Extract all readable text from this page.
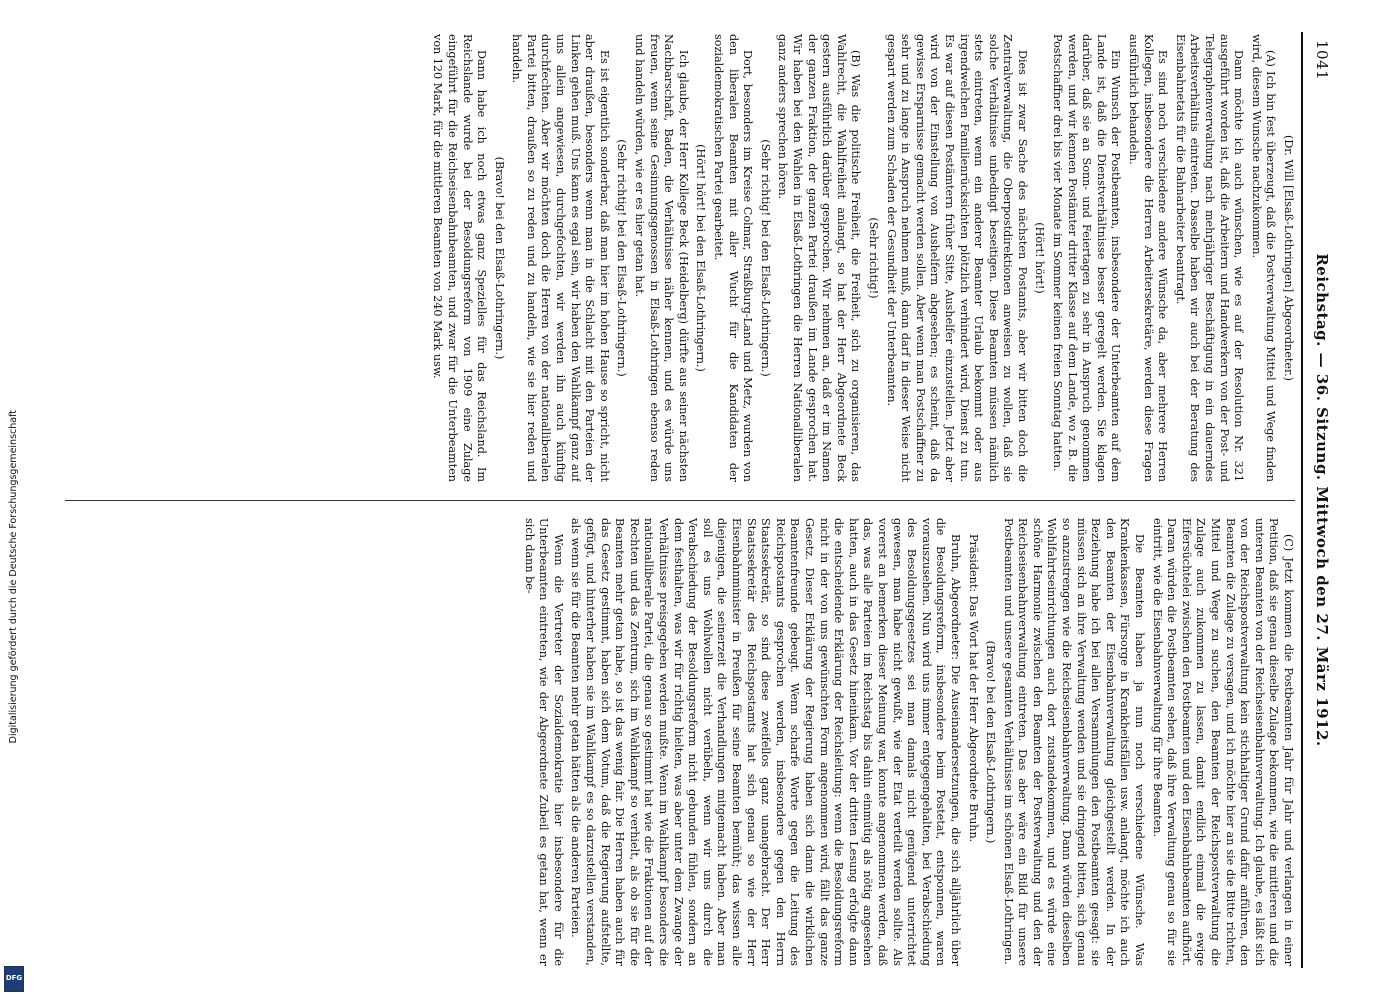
1041
Reichstag. — 36. Sitzung. Mittwoch den 27. März 1912.

(Dr. Will [Elsaß-Lothringen] Abgeordneter.)

(A) Ich bin fest überzeugt, daß die Postverwaltung Mittel und Wege finden wird, diesem Wunsche nachzukommen.

Dann möchte ich auch wünschen, wie es auf der Resolution Nr. 321 ausgeführt worden ist, daß die Arbeitern und Handwerkern von der Post- und Telegraphenverwaltung nach mehrjähriger Beschäftigung in ein dauerndes Arbeitsverhältnis eintreten. Dasselbe haben wir auch bei der Beratung des Eisenbahnetats für die Bahnarbeiter beantragt.

Es sind noch verschiedene andere Wünsche da, aber mehrere Herren Kollegen, insbesondere die Herren Arbeitersekretäre, werden diese Fragen ausführlich behandeln.

Ein Wunsch der Postbeamten, insbesondere der Unterbeamten auf dem Lande ist, daß die Dienstverhältnisse besser geregelt werden. Sie klagen darüber, daß sie an Sonn- und Feiertagen zu sehr in Anspruch genommen werden, und wir kennen Postämter dritter Klasse auf dem Lande, wo z. B. die Postschaffner drei bis vier Monate im Sommer keinen freien Sonntag hatten.

(Hört! hört!)

Dies ist zwar Sache des nächsten Postamts, aber wir bitten doch die Zentralverwaltung, die Oberpostdirektionen anweisen zu wollen, daß sie solche Verhältnisse unbedingt beseitigen. Diese Beamten müssen nämlich stets eintreten, wenn ein anderer Beamter Urlaub bekommt oder aus irgendwelchen Familienrücksichten plötzlich verhindert wird, Dienst zu tun. Es war auf diesen Postämtern früher Sitte, Aushelfer einzustellen. Jetzt aber wird von der Einstellung von Aushelfern abgesehen; es scheint, daß da gewisse Ersparnisse gemacht werden sollen. Aber wenn man Postschaffner zu sehr und zu lange in Anspruch nehmen muß, dann darf in dieser Weise nicht gespart werden zum Schaden der Gesundheit der Unterbeamten.

(Sehr richtig!)

(B) Was die politische Freiheit, die Freiheit, sich zu organisieren, das Wahlrecht, die Wahlfreiheit anlangt, so hat der Herr Abgeordnete Beck gestern ausführlich darüber gesprochen. Wir nehmen an, daß er im Namen der ganzen Fraktion, der ganzen Partei draußen im Lande gesprochen hat. Wir haben bei den Wahlen in Elsaß-Lothringen die Herren Nationalliberalen ganz anders sprechen hören.

(Sehr richtig! bei den Elsaß-Lothringern.)

Dort, besonders im Kreise Colmar, Straßburg-Land und Metz, wurden von den liberalen Beamten mit aller Wucht für die Kandidaten der sozialdemokratischen Partei gearbeitet.

(Hört! hört! bei den Elsaß-Lothringern.)

Ich glaube, der Herr Kollege Beck (Heidelberg) dürfte aus seiner nächsten Nachbarschaft, Baden, die Verhältnisse näher kennen, und es würde uns freuen, wenn seine Gesinnungsgenossen in Elsaß-Lothringen ebenso reden und handeln würden, wie er es hier getan hat.

(Sehr richtig! bei den Elsaß-Lothringern.)

Es ist eigentlich sonderbar, daß man hier im hohen Hause so spricht, nicht aber draußen, besonders wenn man in die Schlacht mit den Parteien der Linken gehen muß. Uns kann es egal sein, wir haben den Wahlkampf ganz auf uns allein angewiesen, durchgefochten, wir werden ihn auch künftig durchfechten. Aber wir möchten doch die Herren von der nationalliberalen Partei bitten, draußen so zu reden und zu handeln, wie sie hier reden und handeln.

(Bravo! bei den Elsaß-Lothringern.)

Dann habe ich noch etwas ganz Spezielles für das Reichsland. Im Reichslande wurde bei der Besoldungsreform von 1909 eine Zulage eingeführt für die Reichseisenbahnbeamten, und zwar für die Unterbeamten von 120 Mark, für die mittleren Beamten von 240 Mark usw.

(C) Jetzt kommen die Postbeamten Jahr für Jahr und verlangen in einer Petition, daß sie genau dieselbe Zulage bekommen, wie die mittleren und die unteren Beamten von der Reichseisenbahnverwaltung. Ich glaube, es läßt sich von der Reichspostverwaltung kein stichhaltiger Grund dafür anführen, den Beamten die Zulage zu versagen, und ich möchte hier an sie die Bitte richten, Mittel und Wege zu suchen, den Beamten der Reichspostverwaltung die Zulage auch zukommen zu lassen, damit endlich einmal die ewige Eifersüchtelei zwischen den Postbeamten und den Eisenbahnbeamten aufhört. Daran würden die Postbeamten sehen, daß ihre Verwaltung genau so für sie eintritt, wie die Eisenbahnverwaltung für ihre Beamten.

Die Beamten haben ja nun noch verschiedene Wünsche. Was Krankenkassen, Fürsorge in Krankheitsfällen usw. anlangt, möchte ich auch den Beamten der Eisenbahnverwaltung gleichgestellt werden. In der Beziehung habe ich bei allen Versammlungen den Postbeamten gesagt: sie müssen sich an ihre Verwaltung wenden und sie dringend bitten, sich genau so anzustrengen wie die Reichseisenbahnverwaltung. Dann würden dieselben Wohlfahrtseinrichtungen auch dort zustandekommen, und es würde eine schöne Harmonie zwischen den Beamten der Postverwaltung und den der Reichseisenbahnverwaltung eintreten. Das aber wäre ein Bild für unsere Postbeamten und unsere gesamten Verhältnisse im schönen Elsaß-Lothringen.

(Bravo! bei den Elsaß-Lothringern.)

Präsident: Das Wort hat der Herr Abgeordnete Bruhn.

Bruhn, Abgeordneter: Die Auseinandersetzungen, die sich alljährlich über die Besoldungsreform, insbesondere beim Postetat, entsponnen, waren vorauszusehen. Nun wird uns immer entgegengehalten, bei Verabschiedung des Besoldungsgesetzes sei man damals nicht genügend unterrichtet gewesen, man habe nicht gewußt, wie der Etat verteilt werden sollte. Als vorerst an bemerken dieser Meinung war, konnte angenommen werden, daß das, was alle Parteien im Reichstag bis dahin einmütig als nötig angesehen hatten, auch in das Gesetz hineinkam. Vor der dritten Lesung erfolgte dann die entscheidende Erklärung der Reichsleitung: wenn die Besoldungsreform nicht in der von uns gewünschten Form angenommen wird, fällt das ganze Gesetz. Dieser Erklärung der Regierung haben sich dann die wirklichen Beamtenfreunde gebeugt. Wenn scharfe Worte gegen die Leitung des Reichspostamts gesprochen werden, insbesondere gegen den Herrn Staatssekretär, so sind diese zweifellos ganz unangebracht. Der Herr Staatssekretär des Reichspostamts hat sich genau so wie der Herr Eisenbahnminister in Preußen für seine Beamten bemüht; das wissen alle diejenigen, die seinerzeit die Verhandlungen mitgemacht haben. Aber man soll es uns Wohlwollen nicht verübeln, wenn wir uns durch die Verabschiedung der Besoldungsreform nicht gebunden fühlen, sondern an dem festhalten, was wir für richtig hielten, was aber unter dem Zwange der Verhältnisse preisgegeben werden mußte. Wenn im Wahlkampf besonders die nationalliberale Partei, die genau so gestimmt hat wie die Fraktionen auf der Rechten und das Zentrum, sich im Wahlkampf so verhielt, als ob sie für die Beamten mehr getan habe, so ist das wenig fair. Die Herren haben auch für das Gesetz gestimmt, haben sich dem Votum, daß die Regierung aufstellte, gefügt, und hinterher haben sie im Wahlkampf es so darzustellen verstanden, als wenn sie für die Beamten mehr getan hätten als die anderen Parteien.

Wenn die Vertreter der Sozialdemokratie hier insbesondere für die Unterbeamten eintreten, wie der Abgeordnete Zubeil es getan hat, wenn er sich dann be-

Digitalisierung gefördert durch die Deutsche Forschungsgemeinschaft
DFG
